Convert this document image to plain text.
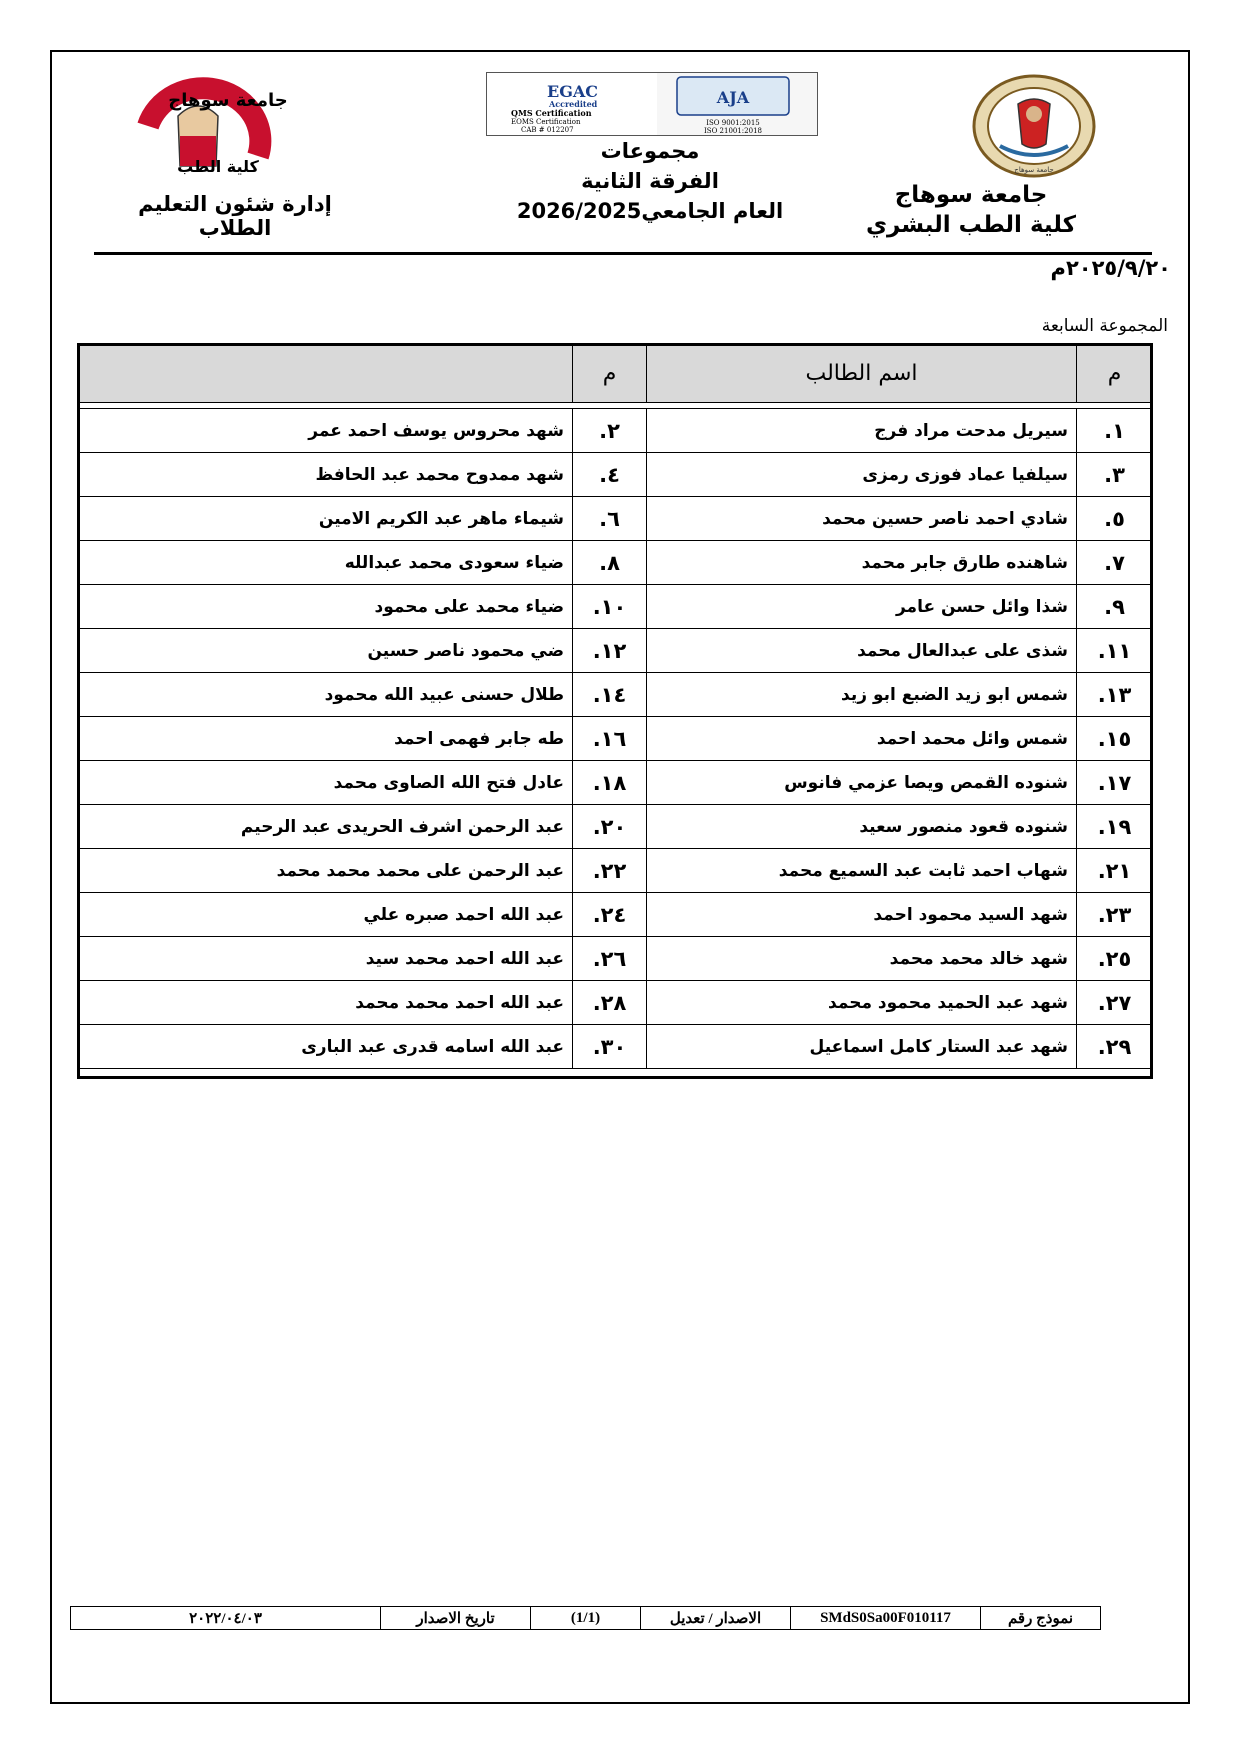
جامعة سوهاج
جامعة سوهاج
كلية الطب
EGAC
Accredited
QMS Certification
EOMS Certification
CAB # 012207
AJA
ISO 9001:2015
ISO 21001:2018
جامعة سوهاج
كلية الطب البشري
مجموعات
الفرقة الثانية
العام الجامعي2026/2025
إدارة شئون التعليم الطلاب
٢٠٢٥/٩/٢٠م
المجموعة السابعة
م	اسم الطالب	م	

١.	سيريل مدحت مراد فرج	٢.	شهد محروس يوسف احمد عمر
٣.	سيلفيا عماد فوزى رمزى	٤.	شهد ممدوح محمد عبد الحافظ
٥.	شادي احمد ناصر حسين محمد	٦.	شيماء ماهر عبد الكريم الامين
٧.	شاهنده طارق جابر محمد	٨.	ضياء سعودى محمد عبدالله
٩.	شذا وائل حسن عامر	١٠.	ضياء محمد على محمود
١١.	شذى على عبدالعال محمد	١٢.	ضي محمود ناصر حسين
١٣.	شمس ابو زيد الضبع ابو زيد	١٤.	طلال حسنى عبيد الله محمود
١٥.	شمس وائل محمد احمد	١٦.	طه جابر فهمى احمد
١٧.	شنوده القمص ويصا عزمي فانوس	١٨.	عادل فتح الله الصاوى محمد
١٩.	شنوده قعود منصور سعيد	٢٠.	عبد الرحمن اشرف الحريدى عبد الرحيم
٢١.	شهاب احمد ثابت عبد السميع محمد	٢٢.	عبد الرحمن على محمد محمد محمد
٢٣.	شهد السيد محمود احمد	٢٤.	عبد الله احمد صبره علي
٢٥.	شهد خالد محمد محمد	٢٦.	عبد الله احمد محمد سيد
٢٧.	شهد عبد الحميد محمود محمد	٢٨.	عبد الله احمد محمد محمد
٢٩.	شهد عبد الستار كامل اسماعيل	٣٠.	عبد الله اسامه قدرى عبد البارى
نموذج رقم	SMdS0Sa00F010117	الاصدار / تعديل	(1/1)	تاريخ الاصدار	٢٠٢٢/٠٤/٠٣
